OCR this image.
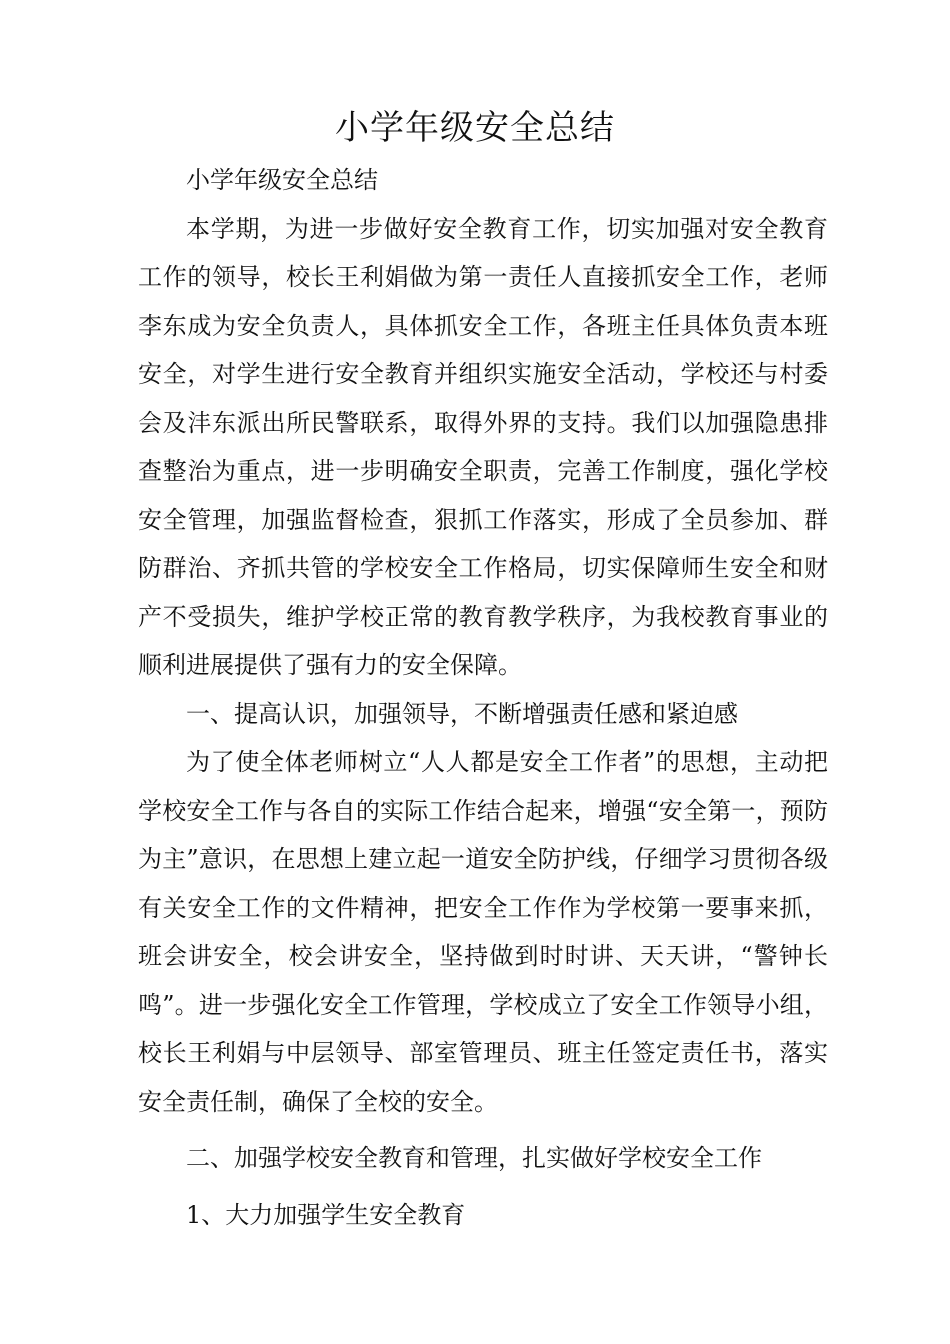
小学年级安全总结

小学年级安全总结

本学期，为进一步做好安全教育工作，切实加强对安全教育工作的领导，校长王利娟做为第一责任人直接抓安全工作，老师李东成为安全负责人，具体抓安全工作，各班主任具体负责本班安全，对学生进行安全教育并组织实施安全活动，学校还与村委会及沣东派出所民警联系，取得外界的支持。我们以加强隐患排查整治为重点，进一步明确安全职责，完善工作制度，强化学校安全管理，加强监督检查，狠抓工作落实，形成了全员参加、群防群治、齐抓共管的学校安全工作格局，切实保障师生安全和财产不受损失，维护学校正常的教育教学秩序，为我校教育事业的顺利进展提供了强有力的安全保障。

一、提高认识，加强领导，不断增强责任感和紧迫感

为了使全体老师树立“人人都是安全工作者”的思想，主动把学校安全工作与各自的实际工作结合起来，增强“安全第一，预防为主”意识，在思想上建立起一道安全防护线，仔细学习贯彻各级有关安全工作的文件精神，把安全工作作为学校第一要事来抓，班会讲安全，校会讲安全，坚持做到时时讲、天天讲，“警钟长鸣”。进一步强化安全工作管理，学校成立了安全工作领导小组，校长王利娟与中层领导、部室管理员、班主任签定责任书，落实安全责任制，确保了全校的安全。

二、加强学校安全教育和管理，扎实做好学校安全工作

1、大力加强学生安全教育
